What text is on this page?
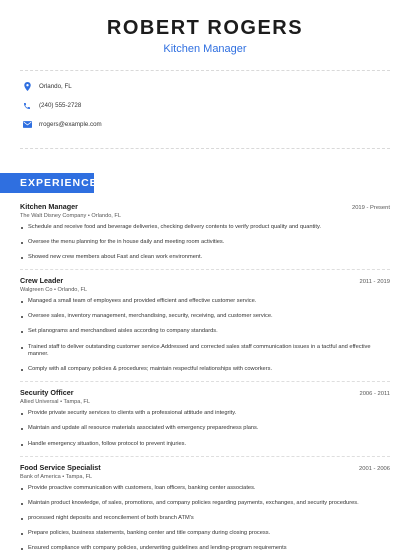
ROBERT ROGERS
Kitchen Manager
Orlando, FL
(240) 555-2728
rrogers@example.com
EXPERIENCE
Kitchen Manager	2019 - Present
The Walt Disney Company • Orlando, FL
Schedule and receive food and beverage deliveries, checking delivery contents to verify product quality and quantity.
Oversee the menu planning for the in house daily and meeting room activities.
Showed new crew members about Fast and clean work environment.
Crew Leader	2011 - 2019
Walgreen Co • Orlando, FL
Managed a small team of employees and provided efficient and effective customer service.
Oversee sales, inventory management, merchandising, security, receiving, and customer service.
Set planograms and merchandised aisles according to company standards.
Trained staff to deliver outstanding customer service.Addressed and corrected sales staff communication issues in a tactful and effective manner.
Comply with all company policies & procedures; maintain respectful relationships with coworkers.
Security Officer	2006 - 2011
Allied Universal • Tampa, FL
Provide private security services to clients with a professional attitude and integrity.
Maintain and update all resource materials associated with emergency preparedness plans.
Handle emergency situation, follow protocol to prevent injuries.
Food Service Specialist	2001 - 2006
Bank of America • Tampa, FL
Provide proactive communication with customers, loan officers, banking center associates.
Maintain product knowledge, of sales, promotions, and company policies regarding payments, exchanges, and security procedures.
processed night deposits and reconcilement of both branch ATM's
Prepare policies, business statements, banking center and title company during closing process.
Ensured compliance with company policies, underwriting guidelines and lending-program requirements
